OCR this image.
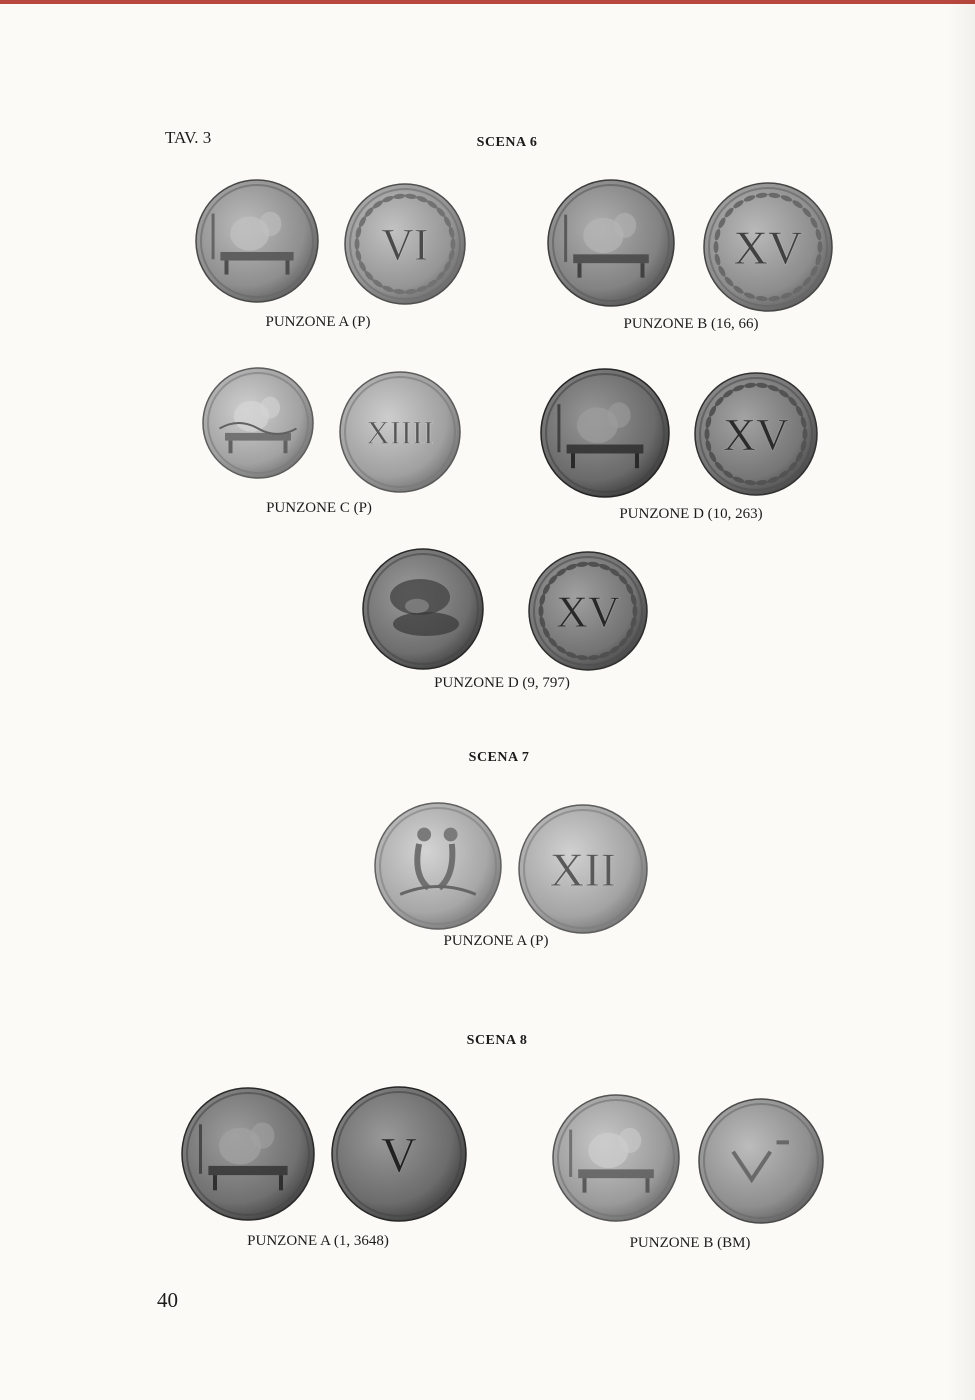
TAV. 3	SCENA 6
VI
PUNZONE A (P)
XV
PUNZONE B (16, 66)
XIIII
PUNZONE C (P)
XV
PUNZONE D (10, 263)
XV
PUNZONE D (9, 797)
SCENA 7
XII
PUNZONE A (P)
SCENA 8
V
PUNZONE A (1, 3648)	PUNZONE B (BM)
40
